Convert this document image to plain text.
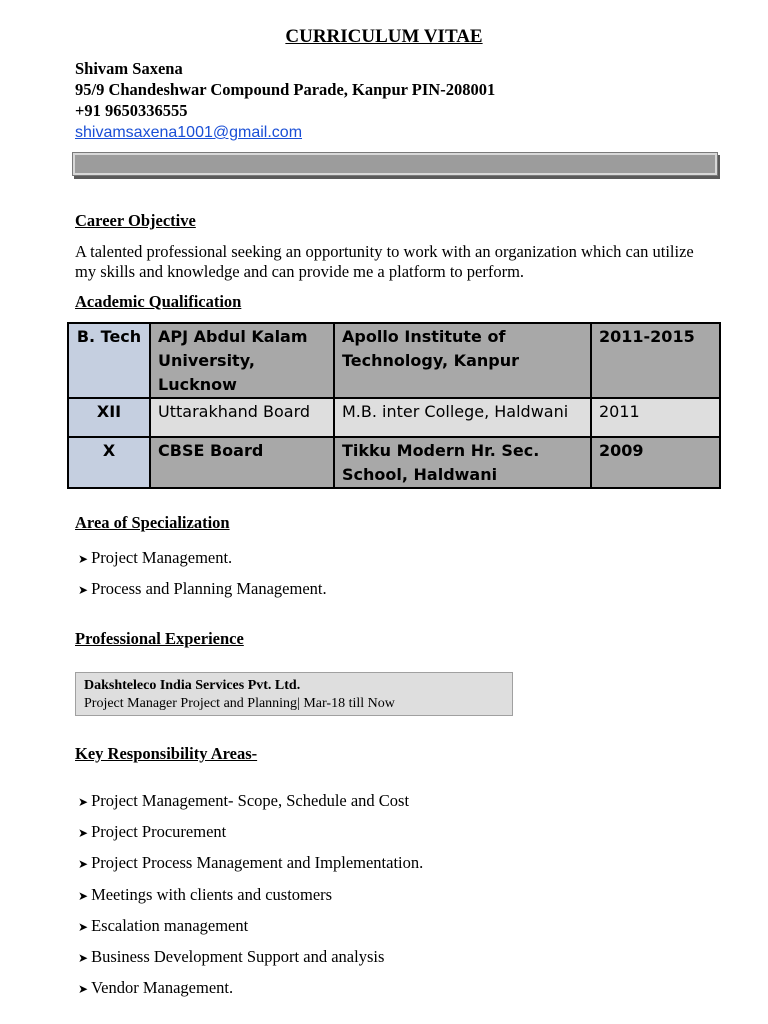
CURRICULUM VITAE
Shivam Saxena
95/9 Chandeshwar Compound Parade, Kanpur PIN-208001
+91 9650336555
shivamsaxena1001@gmail.com
Career Objective
A talented professional seeking an opportunity to work with an organization which can utilize my skills and knowledge and can provide me a platform to perform.
Academic Qualification
B. Tech	APJ Abdul Kalam University, Lucknow	Apollo Institute of Technology, Kanpur	2011-2015
XII	Uttarakhand Board	M.B. inter College, Haldwani	2011
X	CBSE Board	Tikku Modern Hr. Sec. School, Haldwani	2009
Area of Specialization
➤ Project Management.
➤ Process and Planning Management.
Professional Experience
Dakshteleco India Services Pvt. Ltd.
Project Manager Project and Planning| Mar-18 till Now
Key Responsibility Areas-
➤ Project Management- Scope, Schedule and Cost
➤ Project Procurement
➤ Project Process Management and Implementation.
➤ Meetings with clients and customers
➤ Escalation management
➤ Business Development Support and analysis
➤ Vendor Management.
